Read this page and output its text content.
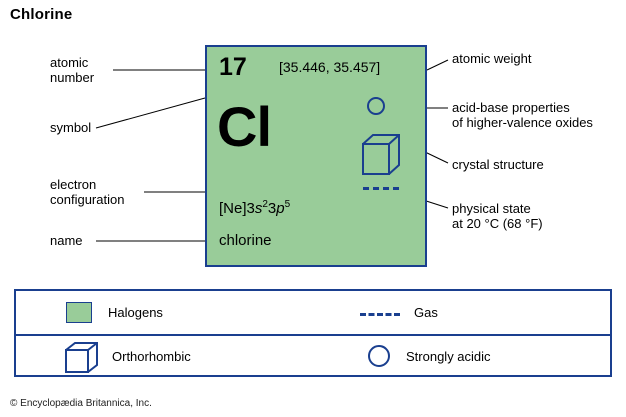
Chlorine
17 [35.446, 35.457]
Cl
$[Ne]3s^23p^5$
chlorine
atomic
number
symbol
electron
configuration
name
atomic weight
acid-base properties
of higher-valence oxides
crystal structure
physical state
at 20 °C (68 °F)
Halogens	Gas
Orthorhombic	Strongly acidic
© Encyclopædia Britannica, Inc.
